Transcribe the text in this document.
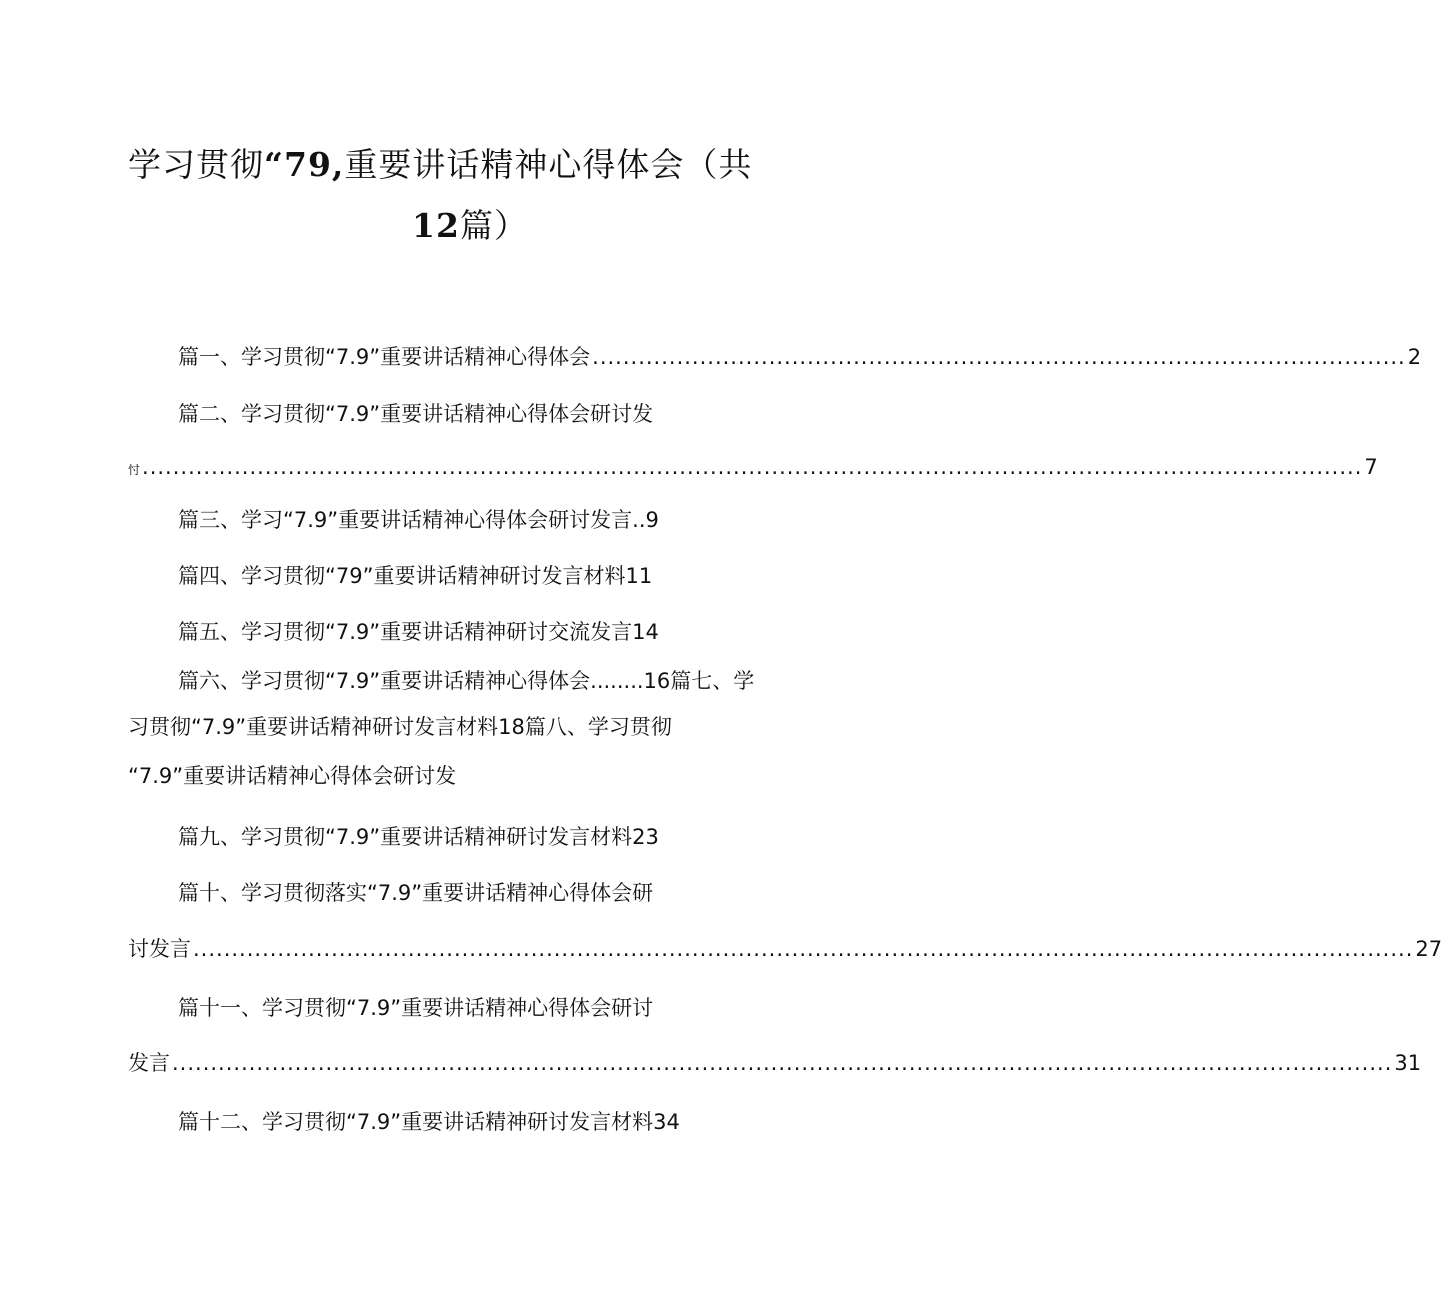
学习贯彻“79,重要讲话精神心得体会（共
12篇）
篇一、学习贯彻“7.9”重要讲话精神心得体会 .......................................................................................................... 2
篇二、学习贯彻“7.9”重要讲话精神心得体会研讨发
忖 ............................................................................................................................................................... 7
篇三、学习“7.9”重要讲话精神心得体会研讨发言..9
篇四、学习贯彻“79”重要讲话精神研讨发言材料11
篇五、学习贯彻“7.9”重要讲话精神研讨交流发言14
篇六、学习贯彻“7.9”重要讲话精神心得体会........16篇七、学
习贯彻“7.9”重要讲话精神研讨发言材料18篇八、学习贯彻
“7.9”重要讲话精神心得体会研讨发
篇九、学习贯彻“7.9”重要讲话精神研讨发言材料23
篇十、学习贯彻落实“7.9”重要讲话精神心得体会研
讨发言 ............................................................................................................................................................... 27
篇十一、学习贯彻“7.9”重要讲话精神心得体会研讨
发言 ............................................................................................................................................................... 31
篇十二、学习贯彻“7.9”重要讲话精神研讨发言材料34
